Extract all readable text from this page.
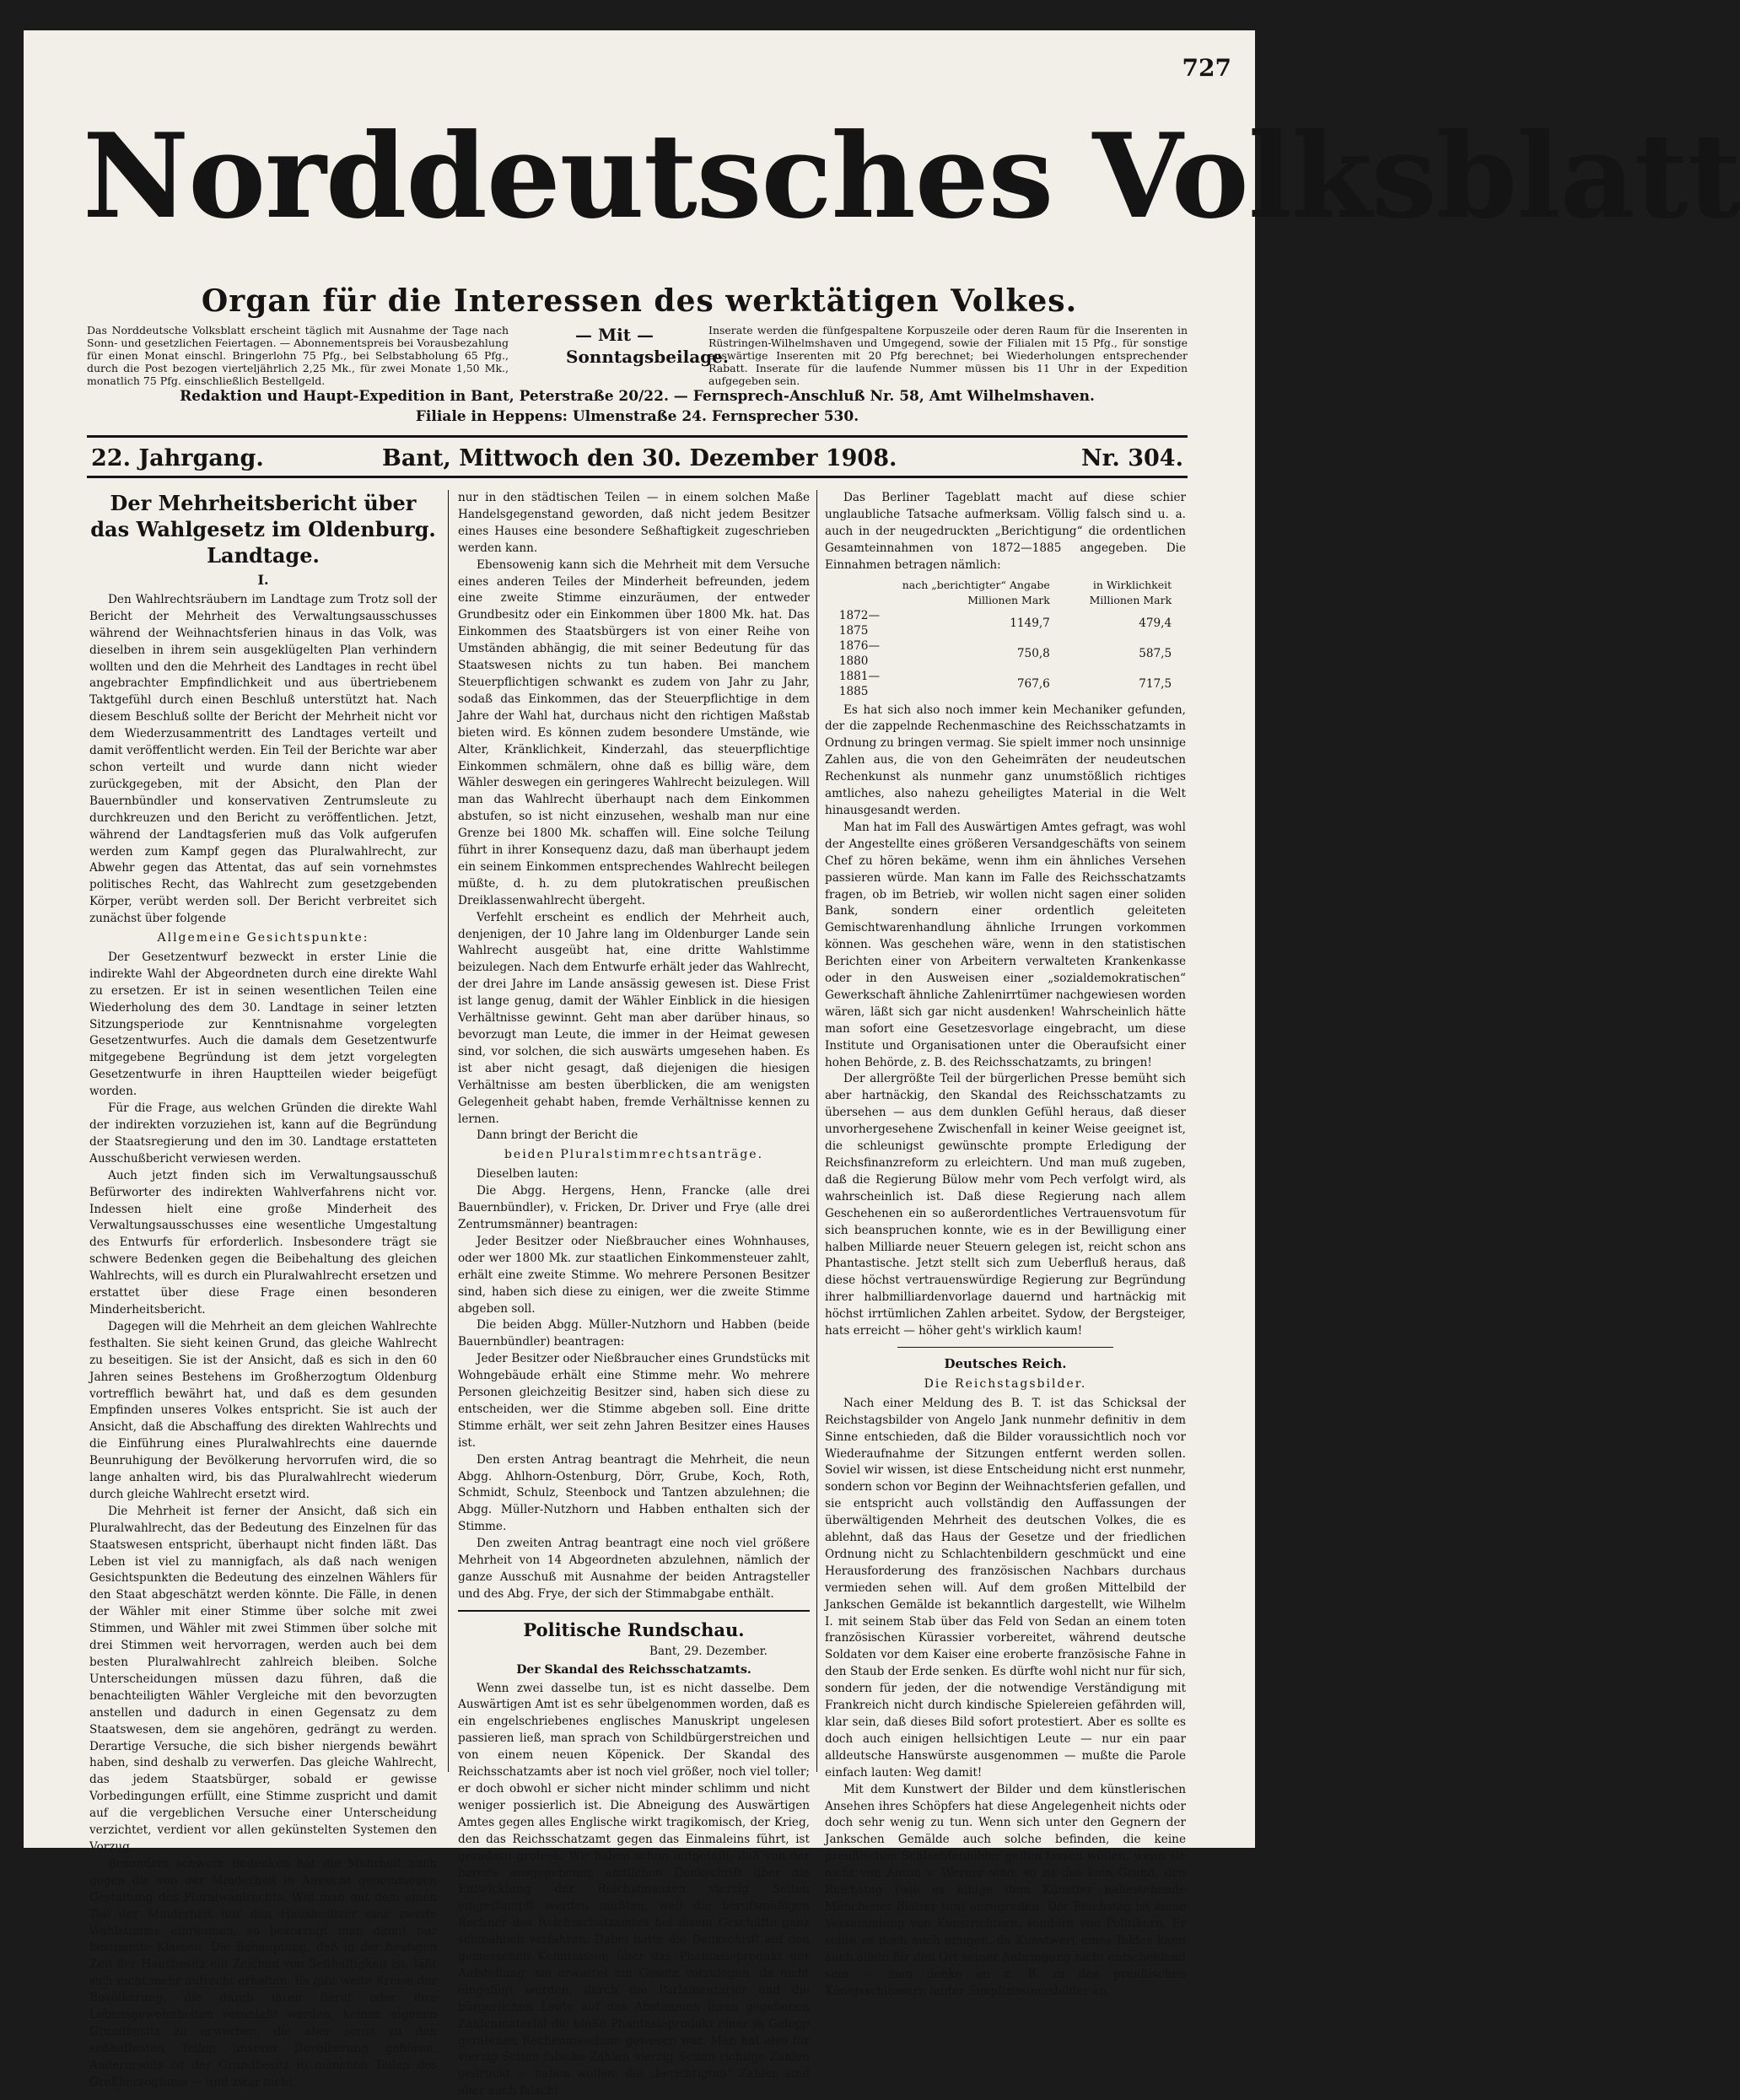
727
Norddeutsches Volksblatt
Organ für die Interessen des werktätigen Volkes.
Das Norddeutsche Volksblatt erscheint täglich mit Ausnahme der Tage nach Sonn- und gesetzlichen Feiertagen. — Abonnementspreis bei Vorausbezahlung für einen Monat einschl. Bringerlohn 75 Pfg., bei Selbstabholung 65 Pfg., durch die Post bezogen vierteljährlich 2,25 Mk., für zwei Monate 1,50 Mk., monatlich 75 Pfg. einschließlich Bestellgeld.
— Mit — Sonntagsbeilage.
Inserate werden die fünfgespaltene Korpuszeile oder deren Raum für die Inserenten in Rüstringen-Wilhelmshaven und Umgegend, sowie der Filialen mit 15 Pfg., für sonstige auswärtige Inserenten mit 20 Pfg berechnet; bei Wiederholungen entsprechender Rabatt. Inserate für die laufende Nummer müssen bis 11 Uhr in der Expedition aufgegeben sein.
Redaktion und Haupt-Expedition in Bant, Peterstraße 20/22. — Fernsprech-Anschluß Nr. 58, Amt Wilhelmshaven.
Filiale in Heppens: Ulmenstraße 24. Fernsprecher 530.
22. Jahrgang.	Bant, Mittwoch den 30. Dezember 1908.	Nr. 304.
Der Mehrheitsbericht über das Wahlgesetz im Oldenburg. Landtage.
I.

Den Wahlrechtsräubern im Landtage zum Trotz soll der Bericht der Mehrheit des Verwaltungsausschusses während der Weihnachtsferien hinaus in das Volk, was dieselben in ihrem sein ausgeklügelten Plan verhindern wollten und den die Mehrheit des Landtages in recht übel angebrachter Empfindlichkeit und aus übertriebenem Taktgefühl durch einen Beschluß unterstützt hat. Nach diesem Beschluß sollte der Bericht der Mehrheit nicht vor dem Wiederzusammentritt des Landtages verteilt und damit veröffentlicht werden. Ein Teil der Berichte war aber schon verteilt und wurde dann nicht wieder zurückgegeben, mit der Absicht, den Plan der Bauernbündler und konservativen Zentrumsleute zu durchkreuzen und den Bericht zu veröffentlichen. Jetzt, während der Landtagsferien muß das Volk aufgerufen werden zum Kampf gegen das Pluralwahlrecht, zur Abwehr gegen das Attentat, das auf sein vornehmstes politisches Recht, das Wahlrecht zum gesetzgebenden Körper, verübt werden soll. Der Bericht verbreitet sich zunächst über folgende

Allgemeine Gesichtspunkte:

Der Gesetzentwurf bezweckt in erster Linie die indirekte Wahl der Abgeordneten durch eine direkte Wahl zu ersetzen. Er ist in seinen wesentlichen Teilen eine Wiederholung des dem 30. Landtage in seiner letzten Sitzungsperiode zur Kenntnisnahme vorgelegten Gesetzentwurfes. Auch die damals dem Gesetzentwurfe mitgegebene Begründung ist dem jetzt vorgelegten Gesetzentwurfe in ihren Hauptteilen wieder beigefügt worden.

Für die Frage, aus welchen Gründen die direkte Wahl der indirekten vorzuziehen ist, kann auf die Begründung der Staatsregierung und den im 30. Landtage erstatteten Ausschußbericht verwiesen werden.

Auch jetzt finden sich im Verwaltungsausschuß Befürworter des indirekten Wahlverfahrens nicht vor. Indessen hielt eine große Minderheit des Verwaltungsausschusses eine wesentliche Umgestaltung des Entwurfs für erforderlich. Insbesondere trägt sie schwere Bedenken gegen die Beibehaltung des gleichen Wahlrechts, will es durch ein Pluralwahlrecht ersetzen und erstattet über diese Frage einen besonderen Minderheitsbericht.

Dagegen will die Mehrheit an dem gleichen Wahlrechte festhalten. Sie sieht keinen Grund, das gleiche Wahlrecht zu beseitigen. Sie ist der Ansicht, daß es sich in den 60 Jahren seines Bestehens im Großherzogtum Oldenburg vortrefflich bewährt hat, und daß es dem gesunden Empfinden unseres Volkes entspricht. Sie ist auch der Ansicht, daß die Abschaffung des direkten Wahlrechts und die Einführung eines Pluralwahlrechts eine dauernde Beunruhigung der Bevölkerung hervorrufen wird, die so lange anhalten wird, bis das Pluralwahlrecht wiederum durch gleiche Wahlrecht ersetzt wird.

Die Mehrheit ist ferner der Ansicht, daß sich ein Pluralwahlrecht, das der Bedeutung des Einzelnen für das Staatswesen entspricht, überhaupt nicht finden läßt. Das Leben ist viel zu mannigfach, als daß nach wenigen Gesichtspunkten die Bedeutung des einzelnen Wählers für den Staat abgeschätzt werden könnte. Die Fälle, in denen der Wähler mit einer Stimme über solche mit zwei Stimmen, und Wähler mit zwei Stimmen über solche mit drei Stimmen weit hervorragen, werden auch bei dem besten Pluralwahlrecht zahlreich bleiben. Solche Unterscheidungen müssen dazu führen, daß die benachteiligten Wähler Vergleiche mit den bevorzugten anstellen und dadurch in einen Gegensatz zu dem Staatswesen, dem sie angehören, gedrängt zu werden. Derartige Versuche, die sich bisher niergends bewährt haben, sind deshalb zu verwerfen. Das gleiche Wahlrecht, das jedem Staatsbürger, sobald er gewisse Vorbedingungen erfüllt, eine Stimme zuspricht und damit auf die vergeblichen Versuche einer Unterscheidung verzichtet, verdient vor allen gekünstelten Systemen den Vorzug.

Besonders schwere Bedenken hat die Mehrheit auch gegen die von der Minderheit in Aussicht genommenen Gestaltung des Pluralwahlrechts. Will man mit dem einen Teil der Minderheit nur den Hausbesitzer eine zweite Wahlstimme einräumen, so bevorzugt man damit nur bestimmte Klassen. Die Behauptung, daß in der heutigen Zeit der Hausbesitz ein Zeichen von Seßhaftigkeit ist, läßt sich nicht mehr aufrecht erhalten. Es gibt weite Kreise der Bevölkerung, die durch ihren Beruf oder ihre Lebensgewohnheiten veranlaßt werden, keinen eigenen Grundbesitz zu erwerben, die aber sonst zu den seßhaftesten Teilen unserer Bevölkerung gehören. Andererseits ist der Grundbesitz in manchen Teilen des Großherzogtums — und zwar nicht

nur in den städtischen Teilen — in einem solchen Maße Handelsgegenstand geworden, daß nicht jedem Besitzer eines Hauses eine besondere Seßhaftigkeit zugeschrieben werden kann.

Ebensowenig kann sich die Mehrheit mit dem Versuche eines anderen Teiles der Minderheit befreunden, jedem eine zweite Stimme einzuräumen, der entweder Grundbesitz oder ein Einkommen über 1800 Mk. hat. Das Einkommen des Staatsbürgers ist von einer Reihe von Umständen abhängig, die mit seiner Bedeutung für das Staatswesen nichts zu tun haben. Bei manchem Steuerpflichtigen schwankt es zudem von Jahr zu Jahr, sodaß das Einkommen, das der Steuerpflichtige in dem Jahre der Wahl hat, durchaus nicht den richtigen Maßstab bieten wird. Es können zudem besondere Umstände, wie Alter, Kränklichkeit, Kinderzahl, das steuerpflichtige Einkommen schmälern, ohne daß es billig wäre, dem Wähler deswegen ein geringeres Wahlrecht beizulegen. Will man das Wahlrecht überhaupt nach dem Einkommen abstufen, so ist nicht einzusehen, weshalb man nur eine Grenze bei 1800 Mk. schaffen will. Eine solche Teilung führt in ihrer Konsequenz dazu, daß man überhaupt jedem ein seinem Einkommen entsprechendes Wahlrecht beilegen müßte, d. h. zu dem plutokratischen preußischen Dreiklassenwahlrecht übergeht.

Verfehlt erscheint es endlich der Mehrheit auch, denjenigen, der 10 Jahre lang im Oldenburger Lande sein Wahlrecht ausgeübt hat, eine dritte Wahlstimme beizulegen. Nach dem Entwurfe erhält jeder das Wahlrecht, der drei Jahre im Lande ansässig gewesen ist. Diese Frist ist lange genug, damit der Wähler Einblick in die hiesigen Verhältnisse gewinnt. Geht man aber darüber hinaus, so bevorzugt man Leute, die immer in der Heimat gewesen sind, vor solchen, die sich auswärts umgesehen haben. Es ist aber nicht gesagt, daß diejenigen die hiesigen Verhältnisse am besten überblicken, die am wenigsten Gelegenheit gehabt haben, fremde Verhältnisse kennen zu lernen.

Dann bringt der Bericht die

beiden Pluralstimmrechtsanträge.

Dieselben lauten:

Die Abgg. Hergens, Henn, Francke (alle drei Bauernbündler), v. Fricken, Dr. Driver und Frye (alle drei Zentrumsmänner) beantragen:

Jeder Besitzer oder Nießbraucher eines Wohnhauses, oder wer 1800 Mk. zur staatlichen Einkommensteuer zahlt, erhält eine zweite Stimme. Wo mehrere Personen Besitzer sind, haben sich diese zu einigen, wer die zweite Stimme abgeben soll.

Die beiden Abgg. Müller-Nutzhorn und Habben (beide Bauernbündler) beantragen:

Jeder Besitzer oder Nießbraucher eines Grundstücks mit Wohngebäude erhält eine Stimme mehr. Wo mehrere Personen gleichzeitig Besitzer sind, haben sich diese zu entscheiden, wer die Stimme abgeben soll. Eine dritte Stimme erhält, wer seit zehn Jahren Besitzer eines Hauses ist.

Den ersten Antrag beantragt die Mehrheit, die neun Abgg. Ahlhorn-Ostenburg, Dörr, Grube, Koch, Roth, Schmidt, Schulz, Steenbock und Tantzen abzulehnen; die Abgg. Müller-Nutzhorn und Habben enthalten sich der Stimme.

Den zweiten Antrag beantragt eine noch viel größere Mehrheit von 14 Abgeordneten abzulehnen, nämlich der ganze Ausschuß mit Ausnahme der beiden Antragsteller und des Abg. Frye, der sich der Stimmabgabe enthält.

Politische Rundschau.
Bant, 29. Dezember.
Der Skandal des Reichsschatzamts.

Wenn zwei dasselbe tun, ist es nicht dasselbe. Dem Auswärtigen Amt ist es sehr übelgenommen worden, daß es ein engelschriebenes englisches Manuskript ungelesen passieren ließ, man sprach von Schildbürgerstreichen und von einem neuen Köpenick. Der Skandal des Reichsschatzamts aber ist noch viel größer, noch viel toller; er doch obwohl er sicher nicht minder schlimm und nicht weniger possierlich ist. Die Abneigung des Auswärtigen Amtes gegen alles Englische wirkt tragikomisch, der Krieg, den das Reichsschatzamt gegen das Einmaleins führt, ist geradezu grotesk. Wir haben schon mitgeteilt, daß von der bereits ausgegebenen amtlichen Denkschrift über die Entwicklung der Reichsfinanzen vierzig Seiten eingestampft werden mußten, weil die berufsmäßigen Rechner des Reichsschatzamtes bei ihrem Geschäfte ganz schmählich verfahren. Dabei hatte die Denkschrift auf den gemessenen Kenntnissen über das Phantasieprodukt der Aufstellung, sie erwartet ein Gesetz vorzulegen, da nicht eingefügt werden, durch die Parlamentarier und die bürgerlichen Leute auf das Abstimmen ihren gegebenen Zahlenmaterial die bloße Phantasieprodukt einer in Galopp geratenen Rechenmaschine gewesen war. Man hat also für vierzig Seiten falsche Zahlen vierzig Seiten richtige Zahlen gedruckt — haben wollen; die „berichtigten“ Zahlen sind aber auch falsch!

Das Berliner Tageblatt macht auf diese schier unglaubliche Tatsache aufmerksam. Völlig falsch sind u. a. auch in der neugedruckten „Berichtigung“ die ordentlichen Gesamteinnahmen von 1872—1885 angegeben. Die Einnahmen betragen nämlich:

	nach „berichtigter“ Angabe Millionen Mark	in Wirklichkeit Millionen Mark
1872—1875	1149,7	479,4
1876—1880	750,8	587,5
1881—1885	767,6	717,5

Es hat sich also noch immer kein Mechaniker gefunden, der die zappelnde Rechenmaschine des Reichsschatzamts in Ordnung zu bringen vermag. Sie spielt immer noch unsinnige Zahlen aus, die von den Geheimräten der neudeutschen Rechenkunst als nunmehr ganz unumstößlich richtiges amtliches, also nahezu geheiligtes Material in die Welt hinausgesandt werden.

Man hat im Fall des Auswärtigen Amtes gefragt, was wohl der Angestellte eines größeren Versandgeschäfts von seinem Chef zu hören bekäme, wenn ihm ein ähnliches Versehen passieren würde. Man kann im Falle des Reichsschatzamts fragen, ob im Betrieb, wir wollen nicht sagen einer soliden Bank, sondern einer ordentlich geleiteten Gemischtwarenhandlung ähnliche Irrungen vorkommen können. Was geschehen wäre, wenn in den statistischen Berichten einer von Arbeitern verwalteten Krankenkasse oder in den Ausweisen einer „sozialdemokratischen“ Gewerkschaft ähnliche Zahlenirrtümer nachgewiesen worden wären, läßt sich gar nicht ausdenken! Wahrscheinlich hätte man sofort eine Gesetzesvorlage eingebracht, um diese Institute und Organisationen unter die Oberaufsicht einer hohen Behörde, z. B. des Reichsschatzamts, zu bringen!

Der allergrößte Teil der bürgerlichen Presse bemüht sich aber hartnäckig, den Skandal des Reichsschatzamts zu übersehen — aus dem dunklen Gefühl heraus, daß dieser unvorhergesehene Zwischenfall in keiner Weise geeignet ist, die schleunigst gewünschte prompte Erledigung der Reichsfinanzreform zu erleichtern. Und man muß zugeben, daß die Regierung Bülow mehr vom Pech verfolgt wird, als wahrscheinlich ist. Daß diese Regierung nach allem Geschehenen ein so außerordentliches Vertrauensvotum für sich beanspruchen konnte, wie es in der Bewilligung einer halben Milliarde neuer Steuern gelegen ist, reicht schon ans Phantastische. Jetzt stellt sich zum Ueberfluß heraus, daß diese höchst vertrauenswürdige Regierung zur Begründung ihrer halbmilliardenvorlage dauernd und hartnäckig mit höchst irrtümlichen Zahlen arbeitet. Sydow, der Bergsteiger, hats erreicht — höher geht's wirklich kaum!

Deutsches Reich.
Die Reichstagsbilder.

Nach einer Meldung des B. T. ist das Schicksal der Reichstagsbilder von Angelo Jank nunmehr definitiv in dem Sinne entschieden, daß die Bilder voraussichtlich noch vor Wiederaufnahme der Sitzungen entfernt werden sollen. Soviel wir wissen, ist diese Entscheidung nicht erst nunmehr, sondern schon vor Beginn der Weihnachtsferien gefallen, und sie entspricht auch vollständig den Auffassungen der überwältigenden Mehrheit des deutschen Volkes, die es ablehnt, daß das Haus der Gesetze und der friedlichen Ordnung nicht zu Schlachtenbildern geschmückt und eine Herausforderung des französischen Nachbars durchaus vermieden sehen will. Auf dem großen Mittelbild der Jankschen Gemälde ist bekanntlich dargestellt, wie Wilhelm I. mit seinem Stab über das Feld von Sedan an einem toten französischen Kürassier vorbereitet, während deutsche Soldaten vor dem Kaiser eine eroberte französische Fahne in den Staub der Erde senken. Es dürfte wohl nicht nur für sich, sondern für jeden, der die notwendige Verständigung mit Frankreich nicht durch kindische Spielereien gefährden will, klar sein, daß dieses Bild sofort protestiert. Aber es sollte es doch auch einigen hellsichtigen Leute — nur ein paar alldeutsche Hanswürste ausgenommen — mußte die Parole einfach lauten: Weg damit!

Mit dem Kunstwert der Bilder und dem künstlerischen Ansehen ihres Schöpfers hat diese Angelegenheit nichts oder doch sehr wenig zu tun. Wenn sich unter den Gegnern der Jankschen Gemälde auch solche befinden, die keine preußischen Schlachtenbilder gelten lassen wollen, wenn sie nicht von Anton v. Werner sind, so ist das kein Grund, den Reichstag (wie es einige dem Künstler nahestehende Münchener Blätter tun) anzugreifen. Der Reichstag ist keine Versammlung von Kunstrichtern, sondern von Politikern. Er sollte es doch auch einigen, da Kunstwert eines Bildes kann auch allein für den Ort seiner Anbringung nicht entscheidend sein — man denke an z. B. in den preußischen Königsschlössern lauter Simplizissimusbilder an.
